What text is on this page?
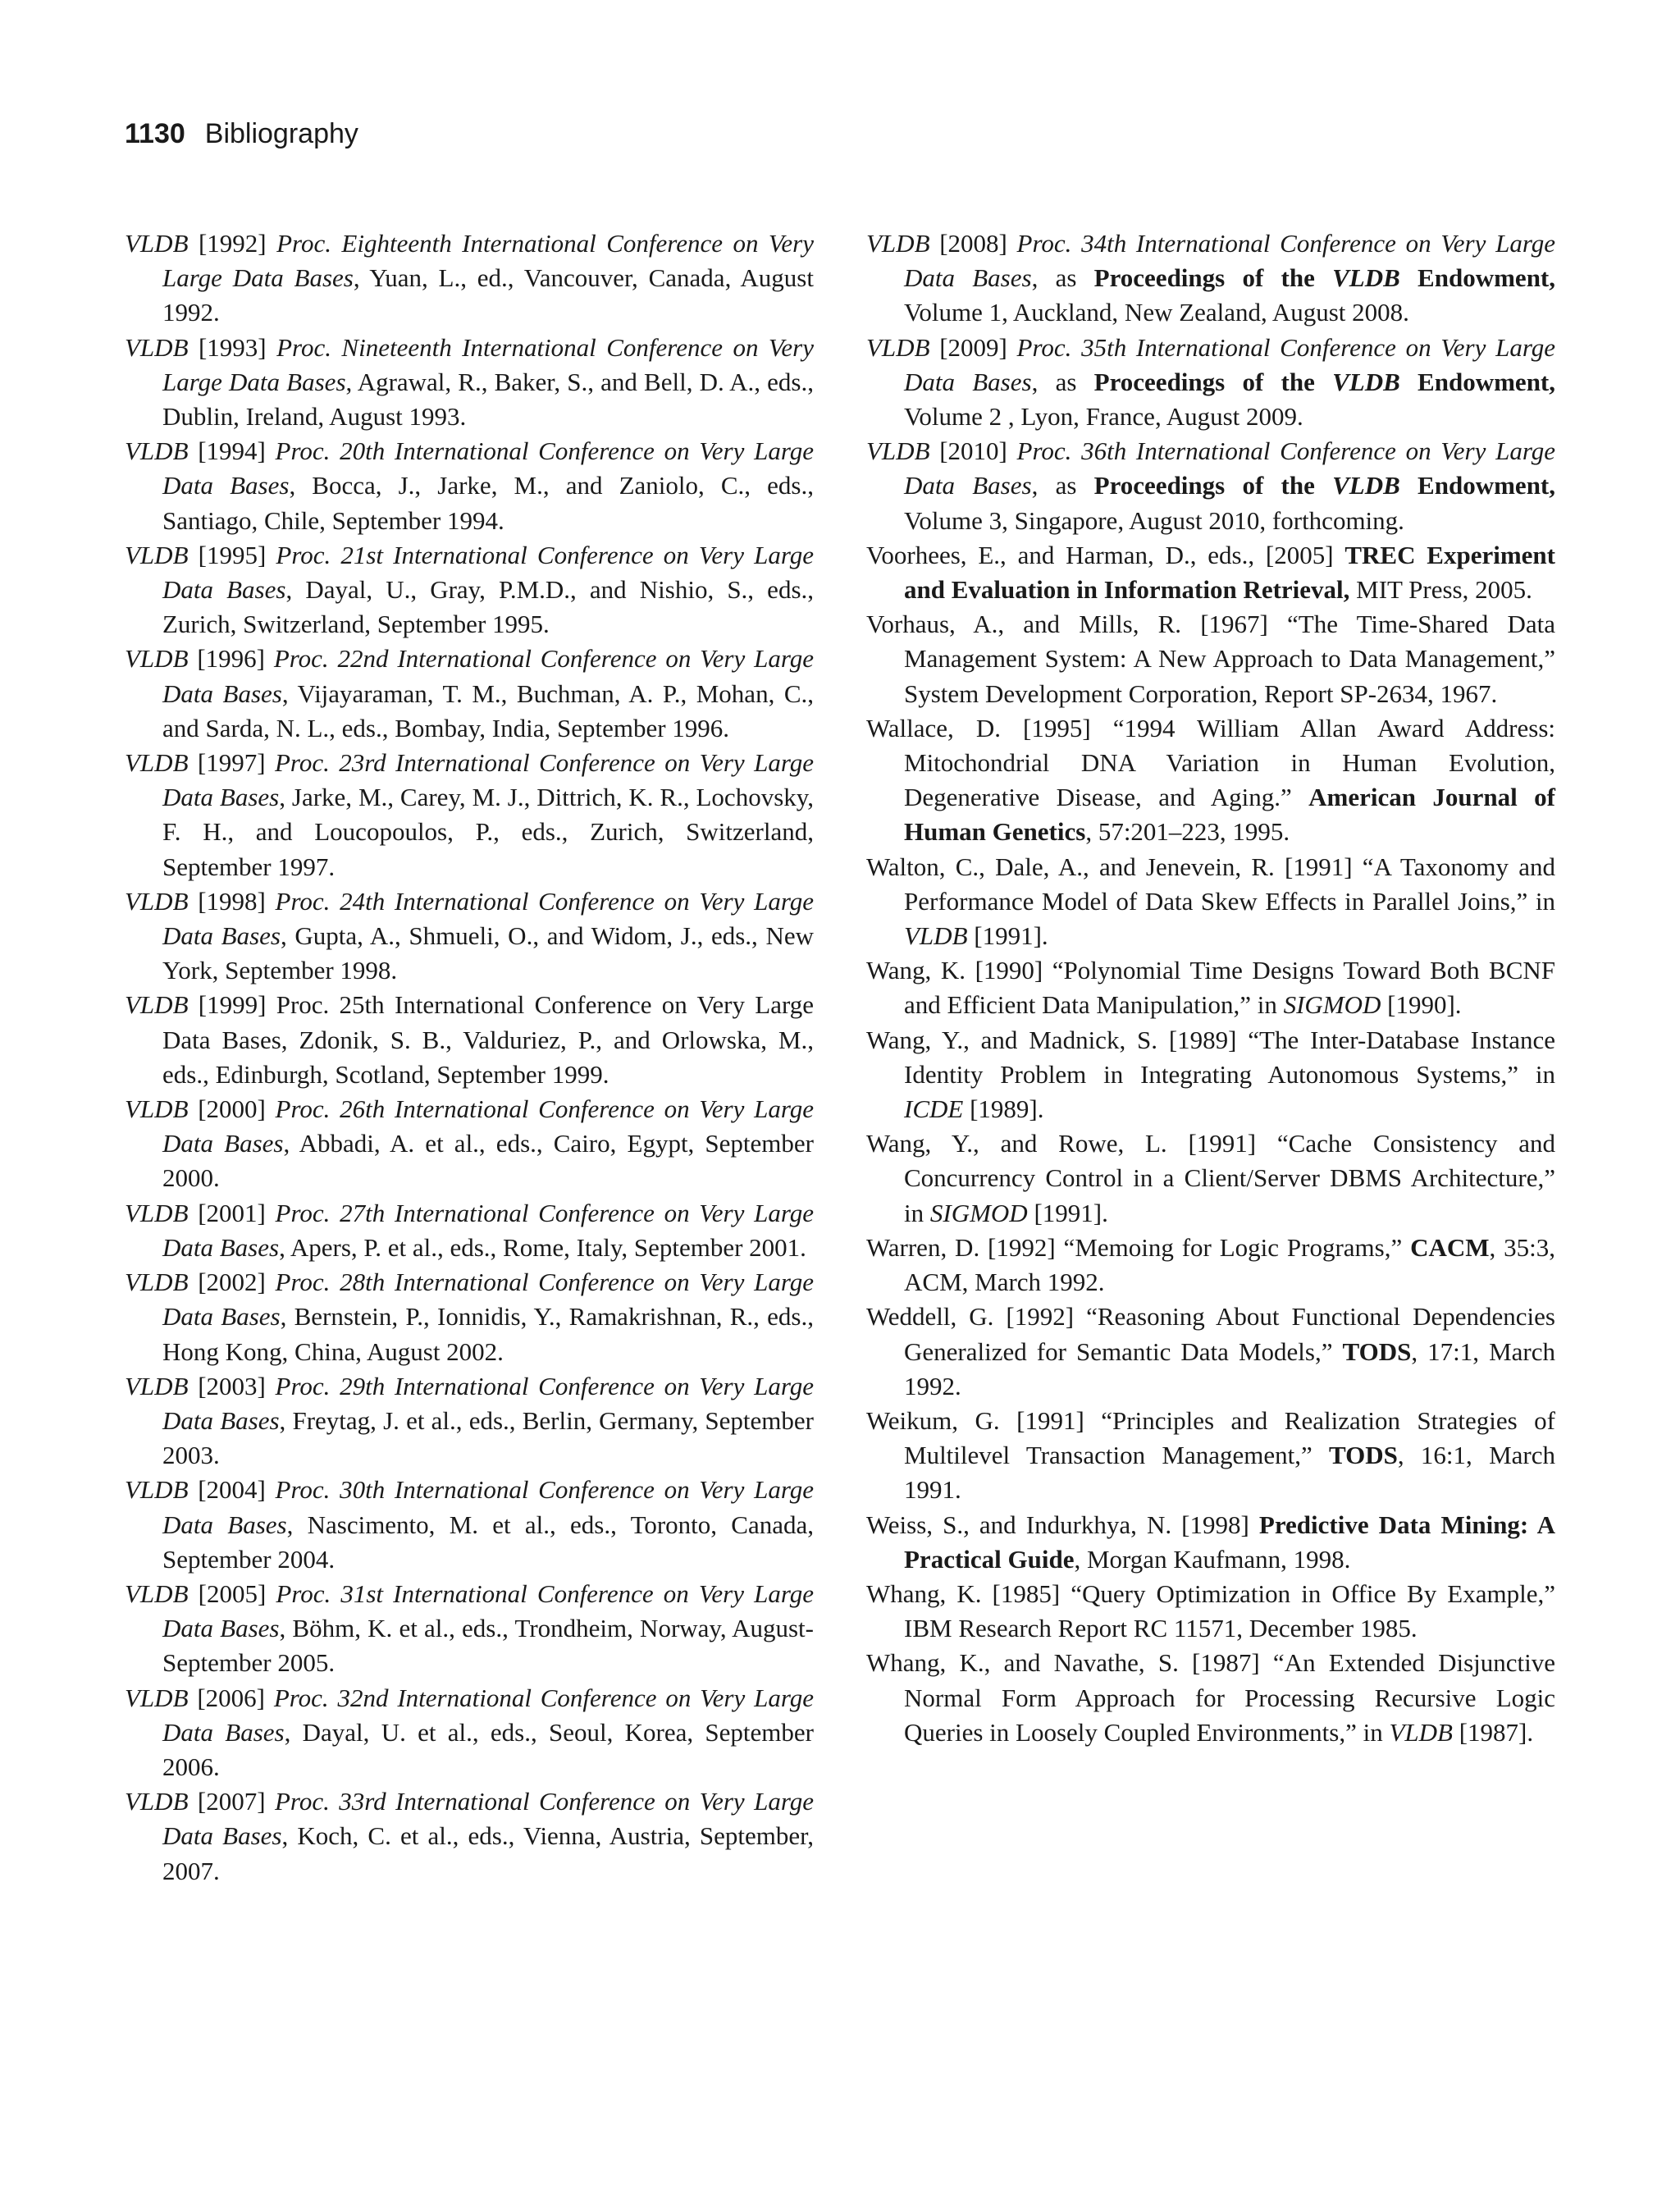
1130 Bibliography

VLDB [1992] Proc. Eighteenth International Conference on Very Large Data Bases, Yuan, L., ed., Vancouver, Canada, August 1992.

VLDB [1993] Proc. Nineteenth International Conference on Very Large Data Bases, Agrawal, R., Baker, S., and Bell, D. A., eds., Dublin, Ireland, August 1993.

VLDB [1994] Proc. 20th International Conference on Very Large Data Bases, Bocca, J., Jarke, M., and Zaniolo, C., eds., Santiago, Chile, September 1994.

VLDB [1995] Proc. 21st International Conference on Very Large Data Bases, Dayal, U., Gray, P.M.D., and Nishio, S., eds., Zurich, Switzerland, September 1995.

VLDB [1996] Proc. 22nd International Conference on Very Large Data Bases, Vijayaraman, T. M., Buchman, A. P., Mohan, C., and Sarda, N. L., eds., Bombay, India, September 1996.

VLDB [1997] Proc. 23rd International Conference on Very Large Data Bases, Jarke, M., Carey, M. J., Dittrich, K. R., Lochovsky, F. H., and Loucopoulos, P., eds., Zurich, Switzerland, September 1997.

VLDB [1998] Proc. 24th International Conference on Very Large Data Bases, Gupta, A., Shmueli, O., and Widom, J., eds., New York, September 1998.

VLDB [1999] Proc. 25th International Conference on Very Large Data Bases, Zdonik, S. B., Valduriez, P., and Orlowska, M., eds., Edinburgh, Scotland, September 1999.

VLDB [2000] Proc. 26th International Conference on Very Large Data Bases, Abbadi, A. et al., eds., Cairo, Egypt, September 2000.

VLDB [2001] Proc. 27th International Conference on Very Large Data Bases, Apers, P. et al., eds., Rome, Italy, September 2001.

VLDB [2002] Proc. 28th International Conference on Very Large Data Bases, Bernstein, P., Ionnidis, Y., Ramakrishnan, R., eds., Hong Kong, China, August 2002.

VLDB [2003] Proc. 29th International Conference on Very Large Data Bases, Freytag, J. et al., eds., Berlin, Germany, September 2003.

VLDB [2004] Proc. 30th International Conference on Very Large Data Bases, Nascimento, M. et al., eds., Toronto, Canada, September 2004.

VLDB [2005] Proc. 31st International Conference on Very Large Data Bases, Böhm, K. et al., eds., Trondheim, Norway, August-September 2005.

VLDB [2006] Proc. 32nd International Conference on Very Large Data Bases, Dayal, U. et al., eds., Seoul, Korea, September 2006.

VLDB [2007] Proc. 33rd International Conference on Very Large Data Bases, Koch, C. et al., eds., Vienna, Austria, September, 2007.

VLDB [2008] Proc. 34th International Conference on Very Large Data Bases, as Proceedings of the VLDB Endowment, Volume 1, Auckland, New Zealand, August 2008.

VLDB [2009] Proc. 35th International Conference on Very Large Data Bases, as Proceedings of the VLDB Endowment, Volume 2 , Lyon, France, August 2009.

VLDB [2010] Proc. 36th International Conference on Very Large Data Bases, as Proceedings of the VLDB Endowment, Volume 3, Singapore, August 2010, forthcoming.

Voorhees, E., and Harman, D., eds., [2005] TREC Experiment and Evaluation in Information Retrieval, MIT Press, 2005.

Vorhaus, A., and Mills, R. [1967] “The Time-Shared Data Management System: A New Approach to Data Management,” System Development Corporation, Report SP-2634, 1967.

Wallace, D. [1995] “1994 William Allan Award Address: Mitochondrial DNA Variation in Human Evolution, Degenerative Disease, and Aging.” American Journal of Human Genetics, 57:201–223, 1995.

Walton, C., Dale, A., and Jenevein, R. [1991] “A Taxonomy and Performance Model of Data Skew Effects in Parallel Joins,” in VLDB [1991].

Wang, K. [1990] “Polynomial Time Designs Toward Both BCNF and Efficient Data Manipulation,” in SIGMOD [1990].

Wang, Y., and Madnick, S. [1989] “The Inter-Database Instance Identity Problem in Integrating Autonomous Systems,” in ICDE [1989].

Wang, Y., and Rowe, L. [1991] “Cache Consistency and Concurrency Control in a Client/Server DBMS Architecture,” in SIGMOD [1991].

Warren, D. [1992] “Memoing for Logic Programs,” CACM, 35:3, ACM, March 1992.

Weddell, G. [1992] “Reasoning About Functional Dependencies Generalized for Semantic Data Models,” TODS, 17:1, March 1992.

Weikum, G. [1991] “Principles and Realization Strategies of Multilevel Transaction Management,” TODS, 16:1, March 1991.

Weiss, S., and Indurkhya, N. [1998] Predictive Data Mining: A Practical Guide, Morgan Kaufmann, 1998.

Whang, K. [1985] “Query Optimization in Office By Example,” IBM Research Report RC 11571, December 1985.

Whang, K., and Navathe, S. [1987] “An Extended Disjunctive Normal Form Approach for Processing Recursive Logic Queries in Loosely Coupled Environments,” in VLDB [1987].
